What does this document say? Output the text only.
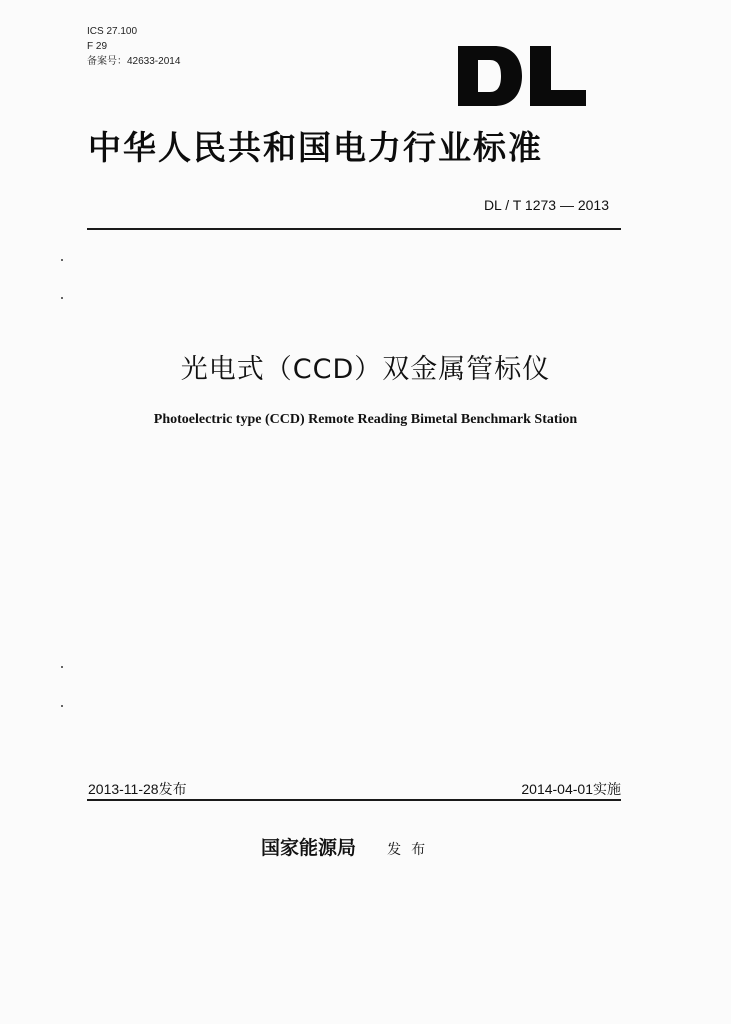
ICS 27.100
F 29
备案号：42633-2014
中华人民共和国电力行业标准
DL / T 1273 — 2013
光电式（CCD）双金属管标仪
Photoelectric type (CCD) Remote Reading Bimetal Benchmark Station
2013-11-28发布	2014-04-01实施
国家能源局 发布
